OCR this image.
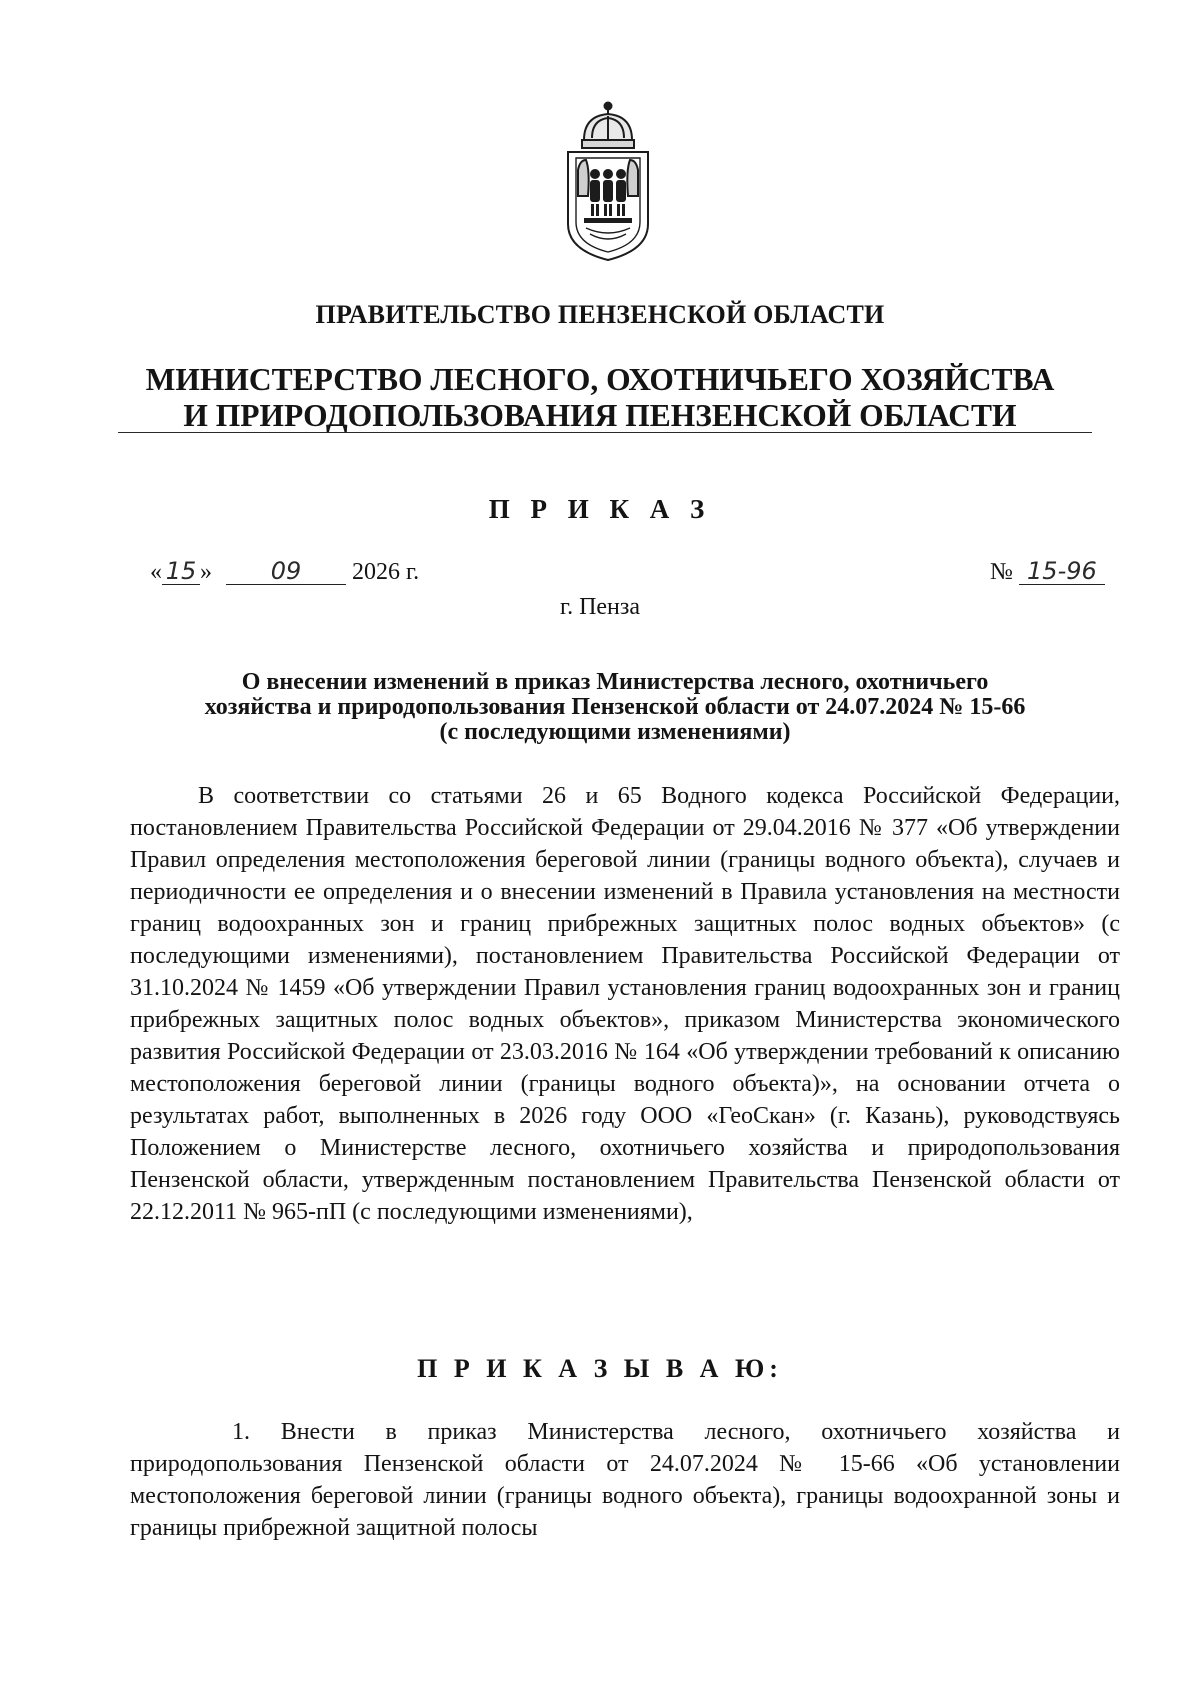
ПРАВИТЕЛЬСТВО ПЕНЗЕНСКОЙ ОБЛАСТИ
МИНИСТЕРСТВО ЛЕСНОГО, ОХОТНИЧЬЕГО ХОЗЯЙСТВА
И ПРИРОДОПОЛЬЗОВАНИЯ ПЕНЗЕНСКОЙ ОБЛАСТИ
П Р И К А З
« 15 » 09 2026 г.	№ 15-96
г. Пенза
О внесении изменений в приказ Министерства лесного, охотничьего
хозяйства и природопользования Пензенской области от 24.07.2024 № 15-66
(с последующими изменениями)
В соответствии со статьями 26 и 65 Водного кодекса Российской Федерации, постановлением Правительства Российской Федерации от 29.04.2016 № 377 «Об утверждении Правил определения местоположения береговой линии (границы водного объекта), случаев и периодичности ее определения и о внесении изменений в Правила установления на местности границ водоохранных зон и границ прибрежных защитных полос водных объектов» (с последующими изменениями), постановлением Правительства Российской Федерации от 31.10.2024 № 1459 «Об утверждении Правил установления границ водоохранных зон и границ прибрежных защитных полос водных объектов», приказом Министерства экономического развития Российской Федерации от 23.03.2016 № 164 «Об утверждении требований к описанию местоположения береговой линии (границы водного объекта)», на основании отчета о результатах работ, выполненных в 2026 году ООО «ГеоСкан» (г. Казань), руководствуясь Положением о Министерстве лесного, охотничьего хозяйства и природопользования Пензенской области, утвержденным постановлением Правительства Пензенской области от 22.12.2011 № 965-пП (с последующими изменениями),
П Р И К А З Ы В А Ю:
1. Внести в приказ Министерства лесного, охотничьего хозяйства и природопользования Пензенской области от 24.07.2024 № 15-66 «Об установлении местоположения береговой линии (границы водного объекта), границы водоохранной зоны и границы прибрежной защитной полосы
